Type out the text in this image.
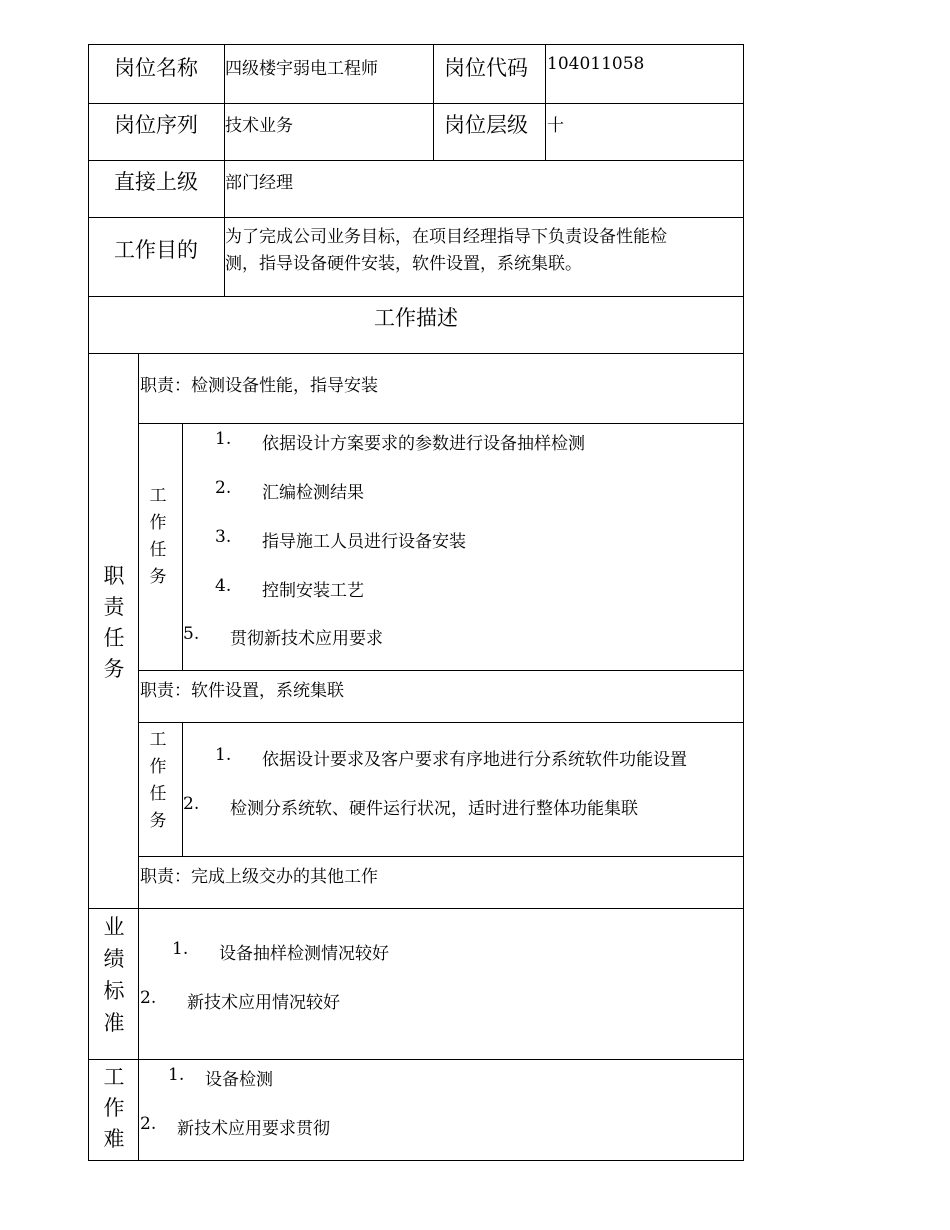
岗位名称 四级楼宇弱电工程师	岗位代码 104011058
岗位序列 技术业务	岗位层级 十
直接上级 部门经理
工作目的
为了完成公司业务目标，在项目经理指导下负责设备性能检
测，指导设备硬件安装，软件设置，系统集联。
工作描述
职
责
任
务
职责：检测设备性能，指导安装
工
作
任
务
1. 依据设计方案要求的参数进行设备抽样检测
2. 汇编检测结果
3. 指导施工人员进行设备安装
4. 控制安装工艺
5. 贯彻新技术应用要求
职责：软件设置，系统集联
工
作
任
务
1. 依据设计要求及客户要求有序地进行分系统软件功能设置
2. 检测分系统软、硬件运行状况，适时进行整体功能集联
职责：完成上级交办的其他工作
业
绩
标
准
1. 设备抽样检测情况较好
2. 新技术应用情况较好
工
作
难
1. 设备检测
2. 新技术应用要求贯彻
